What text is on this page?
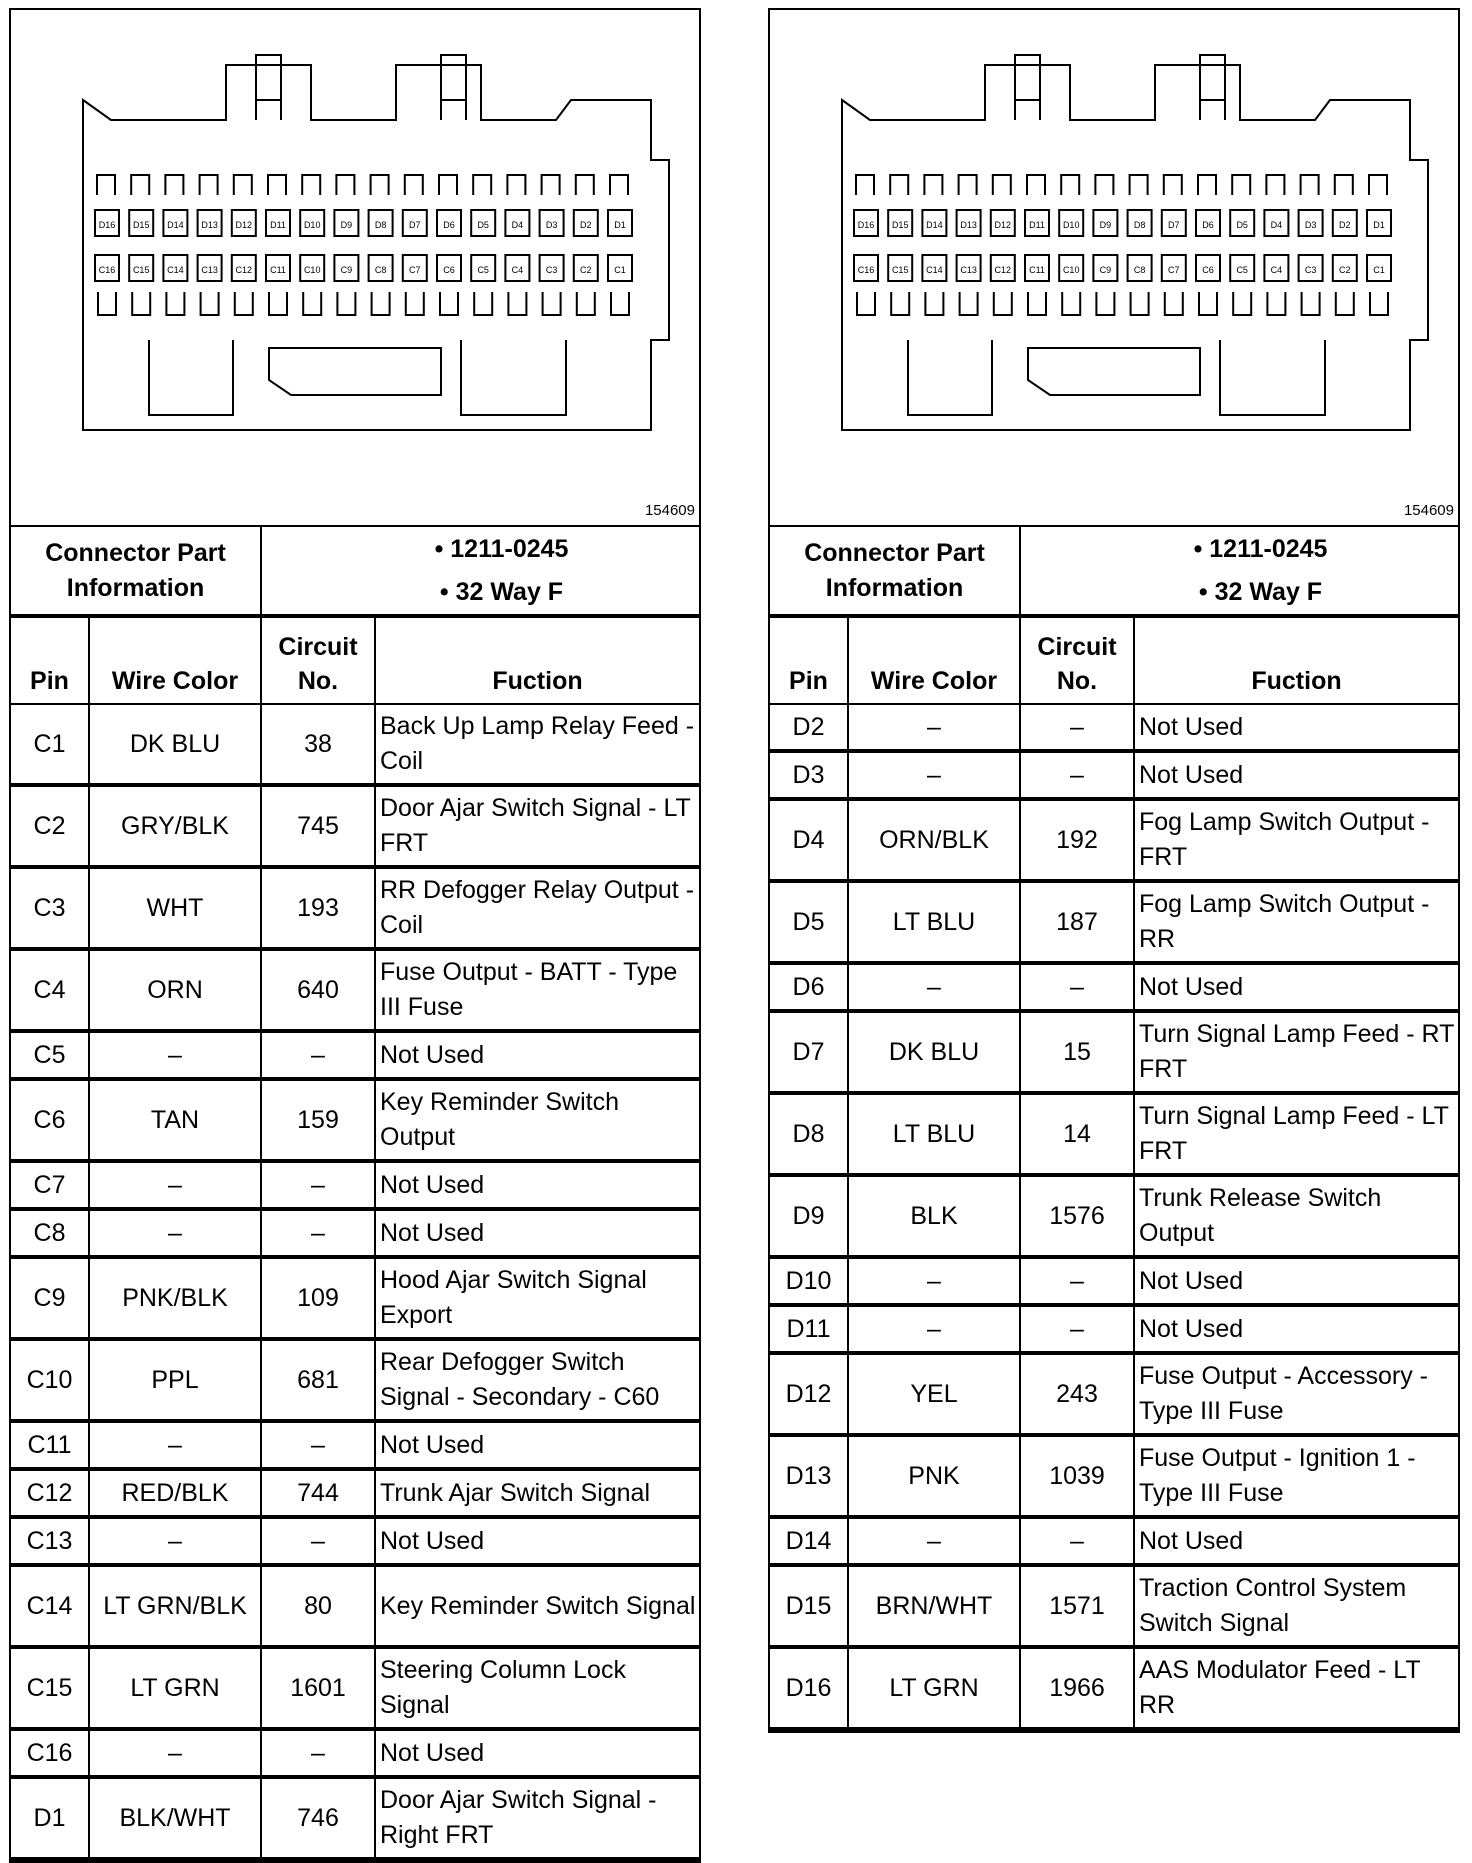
D16 D15 D14 D13 D12 D11 D10 D9	D8	D7	D6	D5	D4	D3	D2	D1
C16 C15 C14 C13 C12 C11 C10 C9	C8	C7	C6	C5	C4	C3	C2	C1
154609
Connector Part Information	
• 1211-0245
• 32 Way F
Pin	Wire Color	Circuit No.	Fuction
C1	DK BLU	38	Back Up Lamp Relay Feed - Coil
C2	GRY/BLK	745	Door Ajar Switch Signal - LT FRT
C3	WHT	193	RR Defogger Relay Output - Coil
C4	ORN	640	Fuse Output - BATT - Type III Fuse
C5	–	–	Not Used
C6	TAN	159	Key Reminder Switch Output
C7	–	–	Not Used
C8	–	–	Not Used
C9	PNK/BLK	109	Hood Ajar Switch Signal Export
C10	PPL	681	Rear Defogger Switch Signal - Secondary - C60
C11	–	–	Not Used
C12	RED/BLK	744	Trunk Ajar Switch Signal
C13	–	–	Not Used
C14	LT GRN/BLK	80	Key Reminder Switch Signal
C15	LT GRN	1601	Steering Column Lock Signal
C16	–	–	Not Used
D1	BLK/WHT	746	Door Ajar Switch Signal - Right FRT
D16 D15 D14 D13 D12 D11 D10 D9	D8	D7	D6	D5	D4	D3	D2	D1
C16 C15 C14 C13 C12 C11 C10 C9	C8	C7	C6	C5	C4	C3	C2	C1
154609
Connector Part Information	
• 1211-0245
• 32 Way F
Pin	Wire Color	Circuit No.	Fuction
D2	–	–	Not Used
D3	–	–	Not Used
D4	ORN/BLK	192	Fog Lamp Switch Output - FRT
D5	LT BLU	187	Fog Lamp Switch Output - RR
D6	–	–	Not Used
D7	DK BLU	15	Turn Signal Lamp Feed - RT FRT
D8	LT BLU	14	Turn Signal Lamp Feed - LT FRT
D9	BLK	1576	Trunk Release Switch Output
D10	–	–	Not Used
D11	–	–	Not Used
D12	YEL	243	Fuse Output - Accessory - Type III Fuse
D13	PNK	1039	Fuse Output - Ignition 1 - Type III Fuse
D14	–	–	Not Used
D15	BRN/WHT	1571	Traction Control System Switch Signal
D16	LT GRN	1966	AAS Modulator Feed - LT RR
